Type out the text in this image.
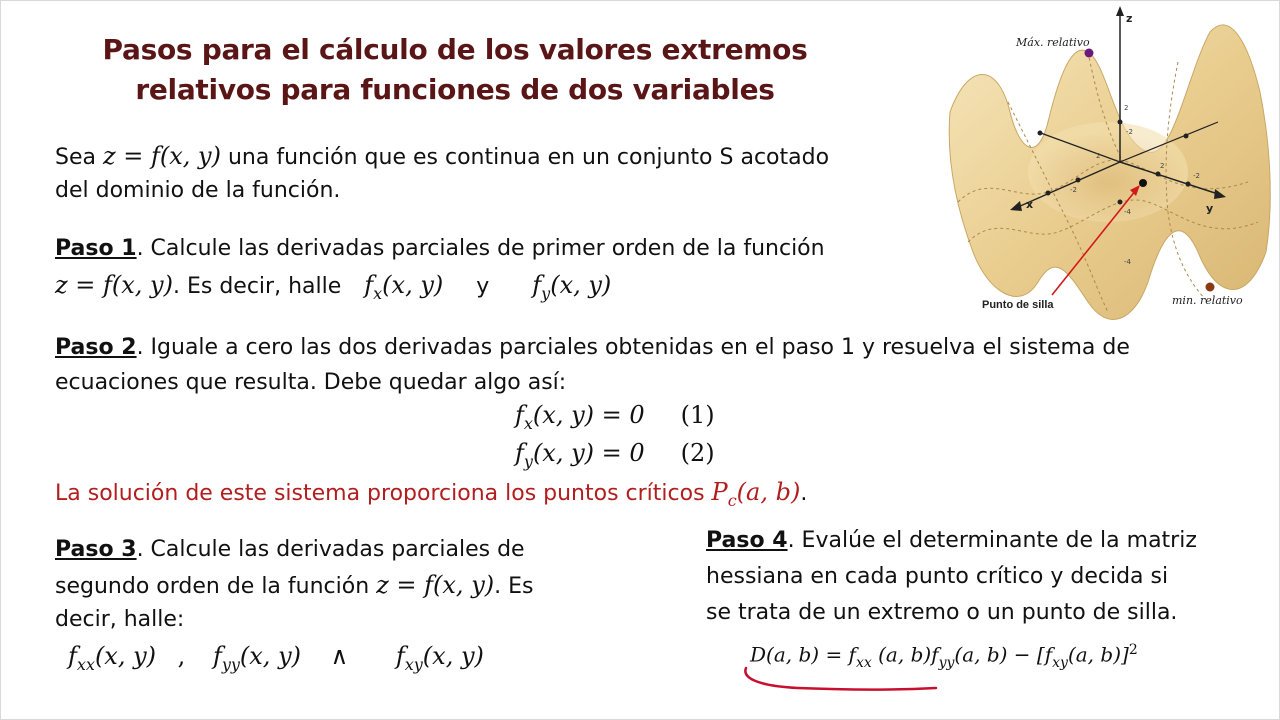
Pasos para el cálculo de los valores extremos
relativos para funciones de dos variables
Sea z = f(x, y) una función que es continua en un conjunto S acotado
del dominio de la función.
Paso 1. Calcule las derivadas parciales de primer orden de la función
z = f(x, y). Es decir, halle $f_x(x$, y) y $f_y(x$, y)
Paso 2. Iguale a cero las dos derivadas parciales obtenidas en el paso 1 y resuelva el sistema de
ecuaciones que resulta. Debe quedar algo así:
$f_x(x$, y) = 0 (1)
$f_y(x$, y) = 0 (2)
La solución de este sistema proporciona los puntos críticos $P_c(a$, b).
Paso 3. Calcule las derivadas parciales de
segundo orden de la función z = f(x, y). Es
decir, halle:
$f_{xx}(x$, y) , $f_{yy}(x$, y) ∧ $f_{xy}(x$, y)
Paso 4. Evalúe el determinante de la matriz
hessiana en cada punto crítico y decida si
se trata de un extremo o un punto de silla.
D(a, $b) = f_{xx}$ (a, $b)f_{yy}(a$, $b) - [f_{xy}(a$, b)]$^2$
2
-2
-4
2
-2
2
-2
-4
z
x	y
Máx. relativo
min. relativo
Punto de silla
